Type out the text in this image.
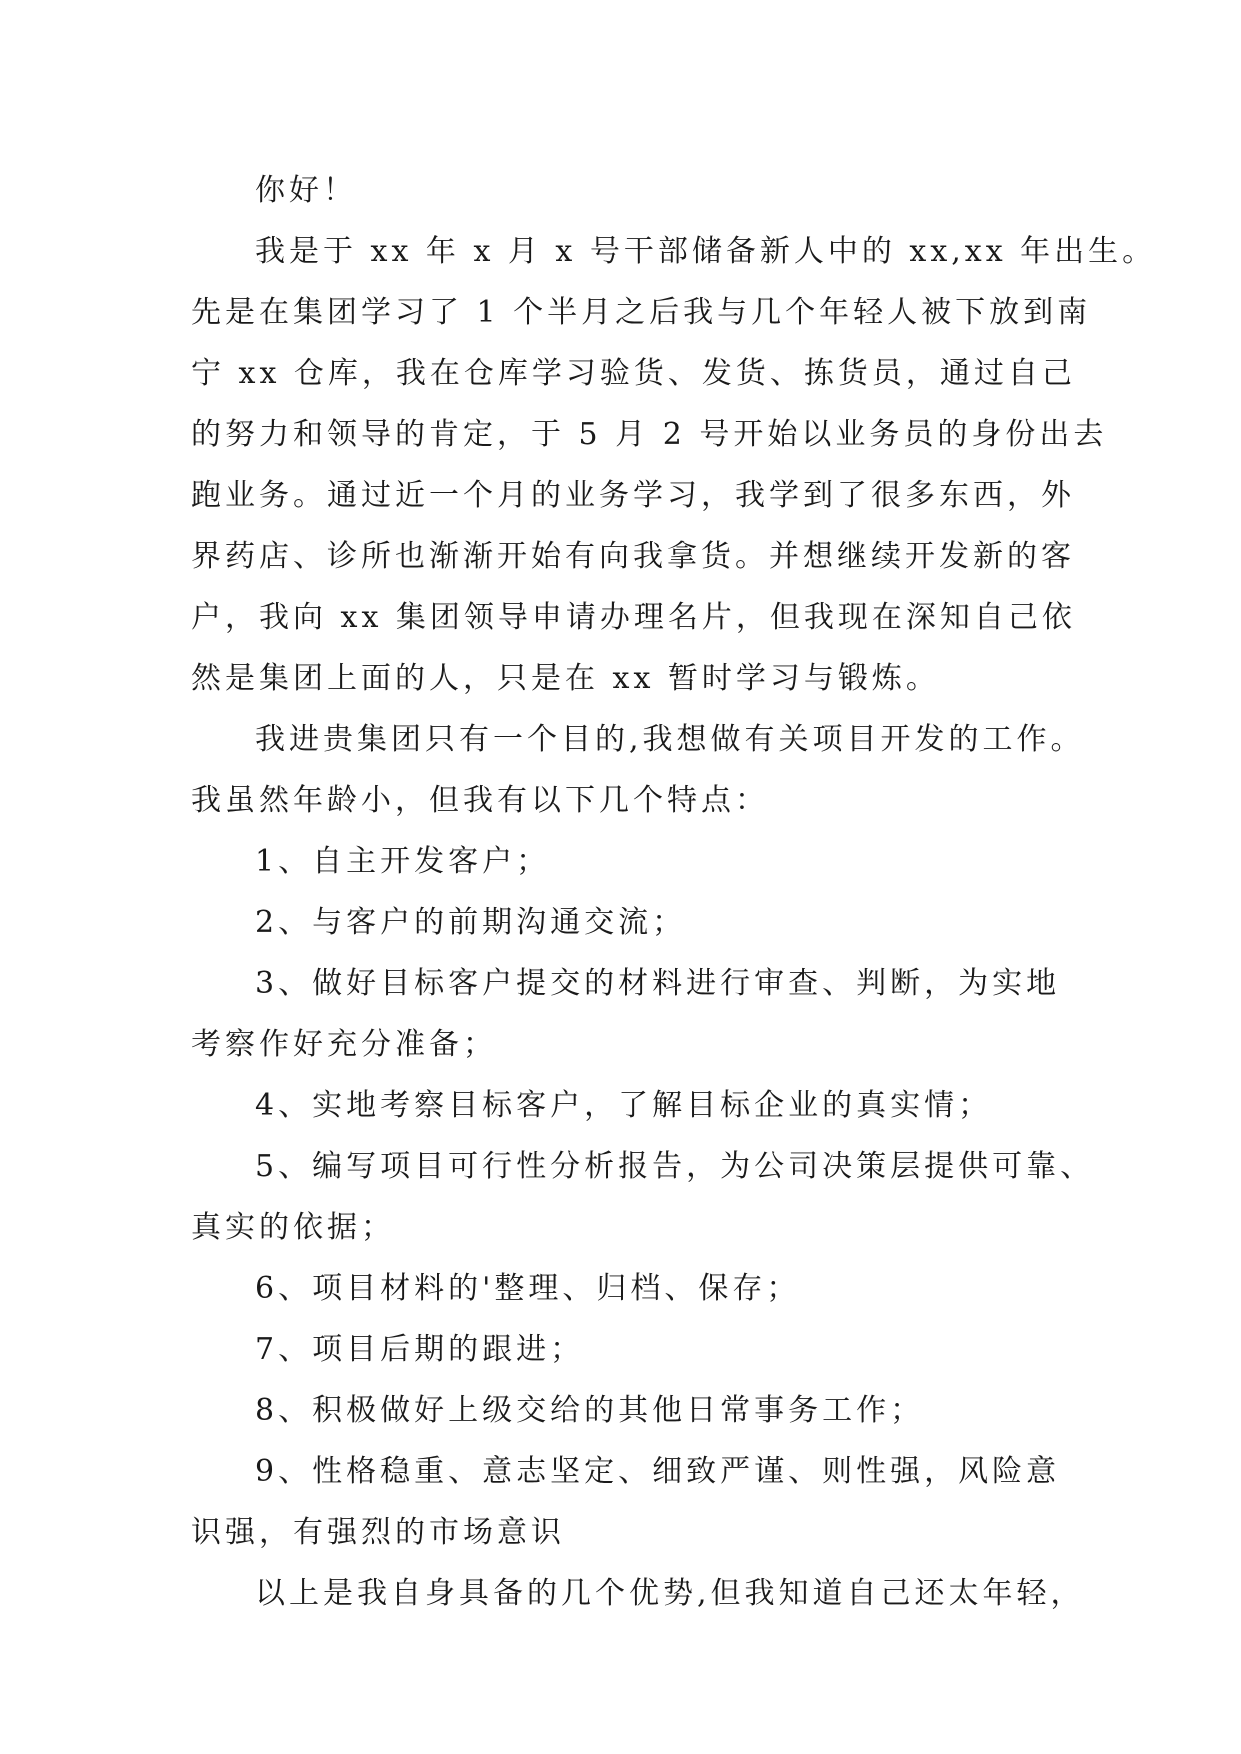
你好！
我是于 xx 年 x 月 x 号干部储备新人中的 xx,xx 年出生。
先是在集团学习了 1 个半月之后我与几个年轻人被下放到南
宁 xx 仓库，我在仓库学习验货、发货、拣货员，通过自己
的努力和领导的肯定，于 5 月 2 号开始以业务员的身份出去
跑业务。通过近一个月的业务学习，我学到了很多东西，外
界药店、诊所也渐渐开始有向我拿货。并想继续开发新的客
户，我向 xx 集团领导申请办理名片，但我现在深知自己依
然是集团上面的人，只是在 xx 暂时学习与锻炼。
我进贵集团只有一个目的,我想做有关项目开发的工作。
我虽然年龄小，但我有以下几个特点：
1、自主开发客户；
2、与客户的前期沟通交流；
3、做好目标客户提交的材料进行审查、判断，为实地
考察作好充分准备；
4、实地考察目标客户，了解目标企业的真实情；
5、编写项目可行性分析报告，为公司决策层提供可靠、
真实的依据；
6、项目材料的'整理、归档、保存；
7、项目后期的跟进；
8、积极做好上级交给的其他日常事务工作；
9、性格稳重、意志坚定、细致严谨、则性强，风险意
识强，有强烈的市场意识
以上是我自身具备的几个优势,但我知道自己还太年轻，
